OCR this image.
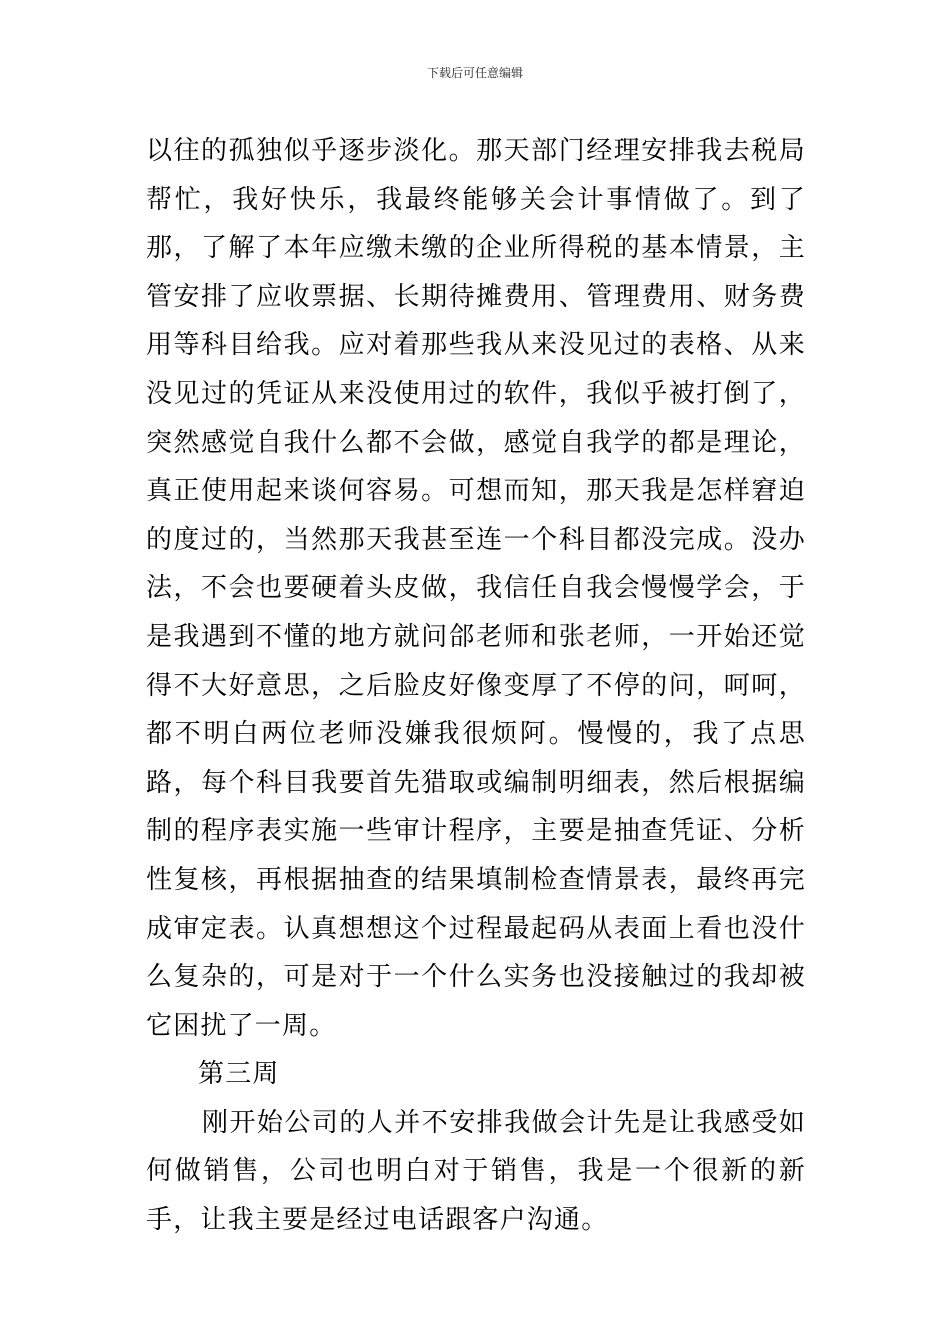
下载后可任意编辑

以往的孤独似乎逐步淡化。那天部门经理安排我去税局帮忙，我好快乐，我最终能够关会计事情做了。到了那，了解了本年应缴未缴的企业所得税的基本情景，主管安排了应收票据、长期待摊费用、管理费用、财务费用等科目给我。应对着那些我从来没见过的表格、从来没见过的凭证从来没使用过的软件，我似乎被打倒了，突然感觉自我什么都不会做，感觉自我学的都是理论，真正使用起来谈何容易。可想而知，那天我是怎样窘迫的度过的，当然那天我甚至连一个科目都没完成。没办法，不会也要硬着头皮做，我信任自我会慢慢学会，于是我遇到不懂的地方就问郃老师和张老师，一开始还觉得不大好意思，之后脸皮好像变厚了不停的问，呵呵，都不明白两位老师没嫌我很烦阿。慢慢的，我了点思路，每个科目我要首先猎取或编制明细表，然后根据编制的程序表实施一些审计程序，主要是抽查凭证、分析性复核，再根据抽查的结果填制检查情景表，最终再完成审定表。认真想想这个过程最起码从表面上看也没什么复杂的，可是对于一个什么实务也没接触过的我却被它困扰了一周。

第三周

刚开始公司的人并不安排我做会计先是让我感受如何做销售，公司也明白对于销售，我是一个很新的新手，让我主要是经过电话跟客户沟通。
